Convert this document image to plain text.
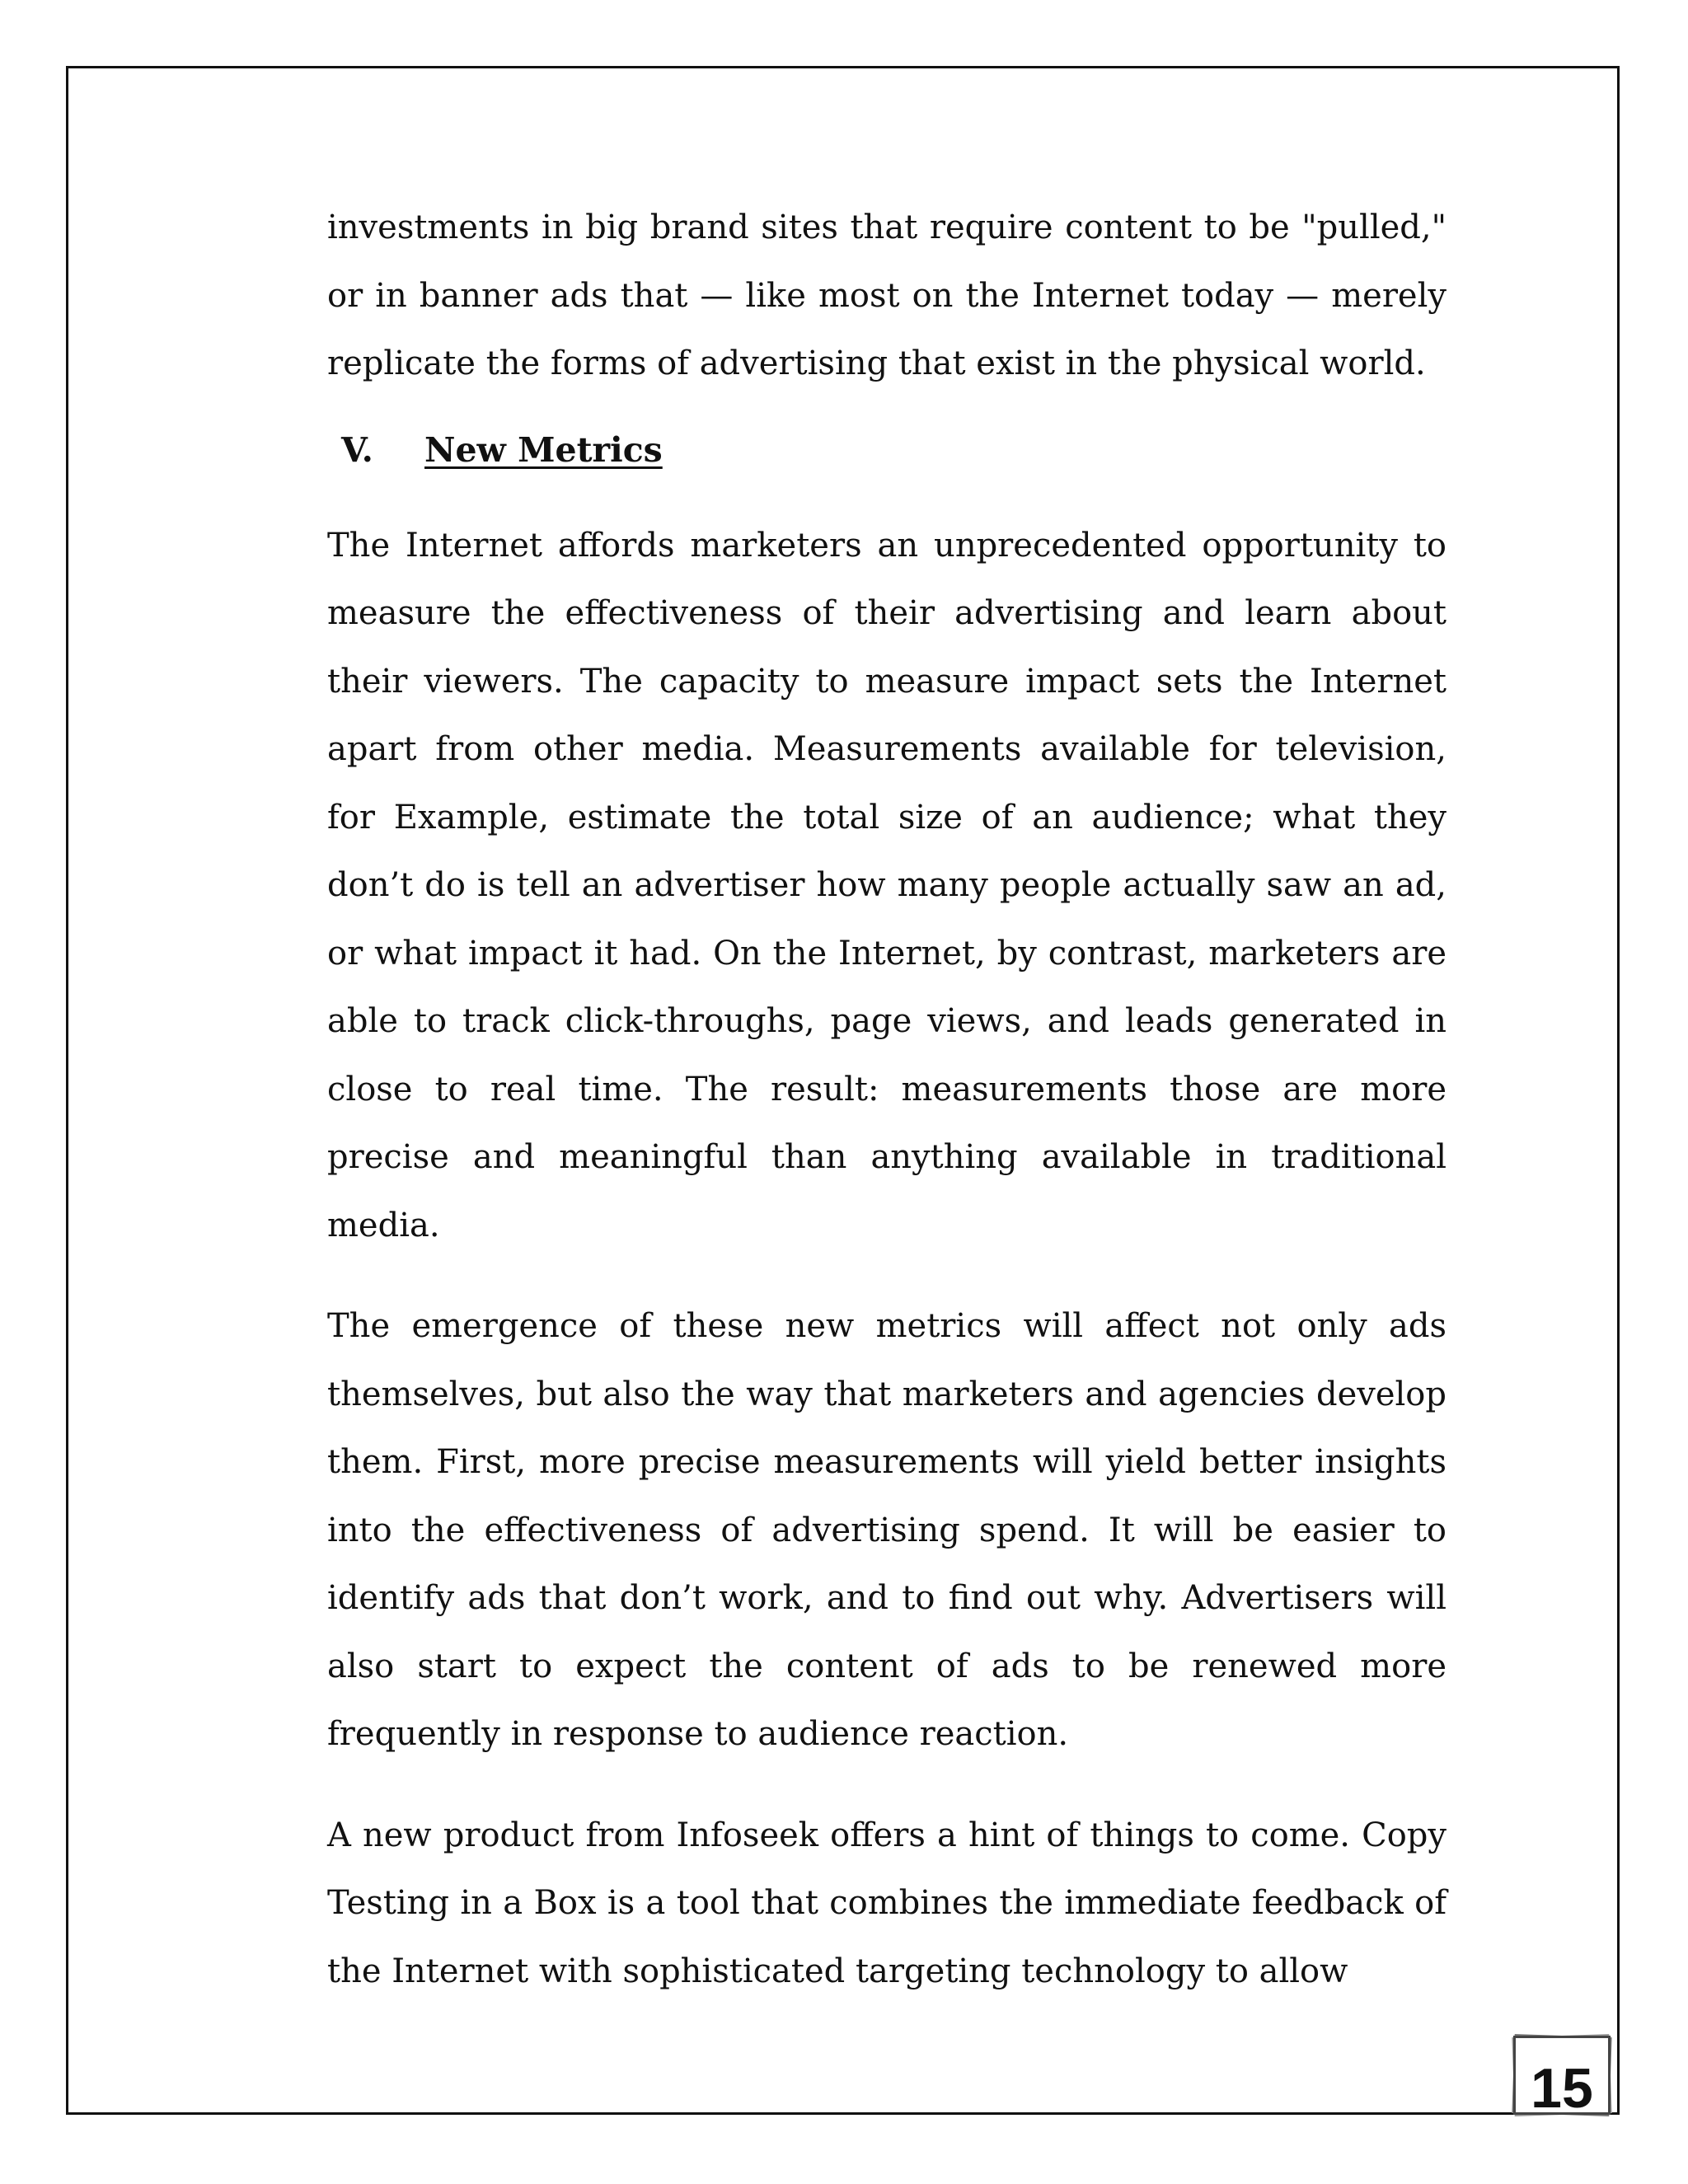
investments in big brand sites that require content to be "pulled," or in banner ads that — like most on the Internet today — merely replicate the forms of advertising that exist in the physical world.

V.	New Metrics

The Internet affords marketers an unprecedented opportunity to measure the effectiveness of their advertising and learn about their viewers. The capacity to measure impact sets the Internet apart from other media. Measurements available for television, for Example, estimate the total size of an audience; what they don’t do is tell an advertiser how many people actually saw an ad, or what impact it had. On the Internet, by contrast, marketers are able to track click-throughs, page views, and leads generated in close to real time. The result: measurements those are more precise and meaningful than anything available in traditional media.

The emergence of these new metrics will affect not only ads themselves, but also the way that marketers and agencies develop them. First, more precise measurements will yield better insights into the effectiveness of advertising spend. It will be easier to identify ads that don’t work, and to find out why. Advertisers will also start to expect the content of ads to be renewed more frequently in response to audience reaction.

A new product from Infoseek offers a hint of things to come. Copy Testing in a Box is a tool that combines the immediate feedback of the Internet with sophisticated targeting technology to allow

15
